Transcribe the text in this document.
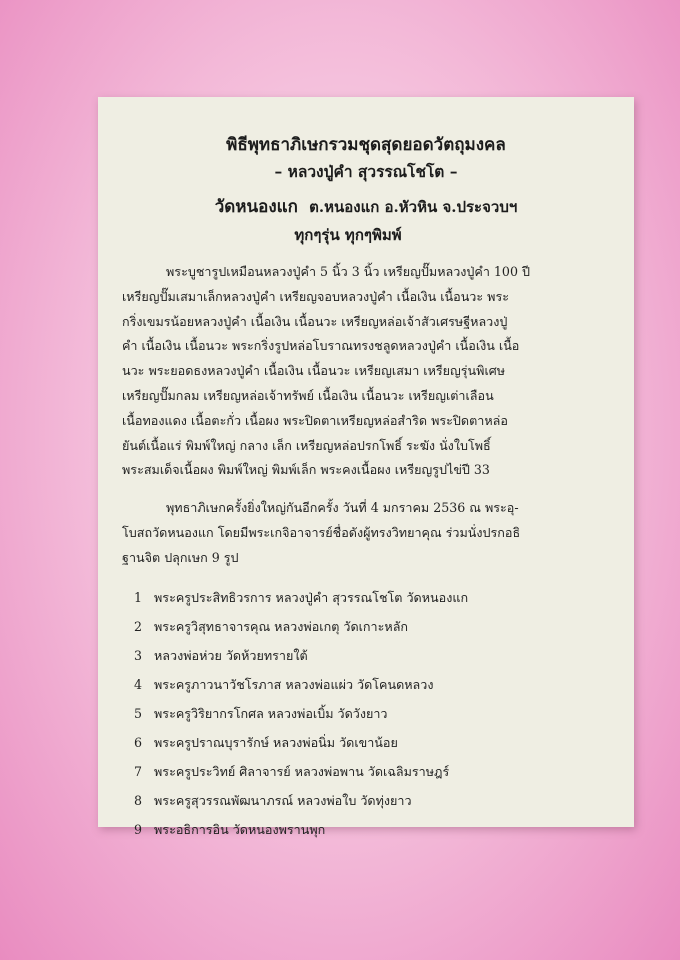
พิธีพุทธาภิเษกรวมชุดสุดยอดวัตถุมงคล
– หลวงปู่คำ สุวรรณโชโต –
วัดหนองแก ต.หนองแก อ.หัวหิน จ.ประจวบฯ
ทุกๆรุ่น ทุกๆพิมพ์
พระบูชารูปเหมือนหลวงปู่คำ 5 นิ้ว 3 นิ้ว เหรียญปั๊มหลวงปู่คำ 100 ปี
เหรียญปั๊มเสมาเล็กหลวงปู่คำ เหรียญจอบหลวงปู่คำ เนื้อเงิน เนื้อนวะ พระ
กริ่งเขมรน้อยหลวงปู่คำ เนื้อเงิน เนื้อนวะ เหรียญหล่อเจ้าสัวเศรษฐีหลวงปู่
คำ เนื้อเงิน เนื้อนวะ พระกริ่งรูปหล่อโบราณทรงชลูดหลวงปู่คำ เนื้อเงิน เนื้อ
นวะ พระยอดธงหลวงปู่คำ เนื้อเงิน เนื้อนวะ เหรียญเสมา เหรียญรุ่นพิเศษ
เหรียญปั๊มกลม เหรียญหล่อเจ้าทรัพย์ เนื้อเงิน เนื้อนวะ เหรียญเต่าเลือน
เนื้อทองแดง เนื้อตะกั่ว เนื้อผง พระปิดตาเหรียญหล่อสำริด พระปิดตาหล่อ
ยันต์เนื้อแร่ พิมพ์ใหญ่ กลาง เล็ก เหรียญหล่อปรกโพธิ์ ระฆัง นั่งใบโพธิ์
พระสมเด็จเนื้อผง พิมพ์ใหญ่ พิมพ์เล็ก พระคงเนื้อผง เหรียญรูปไข่ปี 33
พุทธาภิเษกครั้งยิ่งใหญ่กันอีกครั้ง วันที่ 4 มกราคม 2536 ณ พระอุ-
โบสถวัดหนองแก โดยมีพระเกจิอาจารย์ชื่อดังผู้ทรงวิทยาคุณ ร่วมนั่งปรกอธิ
ฐานจิต ปลุกเษก 9 รูป
1 พระครูประสิทธิวรการ หลวงปู่คำ สุวรรณโชโต วัดหนองแก
2 พระครูวิสุทธาจารคุณ หลวงพ่อเกตุ วัดเกาะหลัก
3 หลวงพ่อห่วย วัดห้วยทรายใต้
4 พระครูภาวนาวัชโรภาส หลวงพ่อแผ่ว วัดโคนดหลวง
5 พระครูวิริยากรโกศล หลวงพ่อเบิ้ม วัดวังยาว
6 พระครูปราณบุรารักษ์ หลวงพ่อนิ่ม วัดเขาน้อย
7 พระครูประวิทย์ ศิลาจารย์ หลวงพ่อพาน วัดเฉลิมราษฎร์
8 พระครูสุวรรณพัฒนาภรณ์ หลวงพ่อใบ วัดทุ่งยาว
9 พระอธิการอิน วัดหนองพรานพุก
